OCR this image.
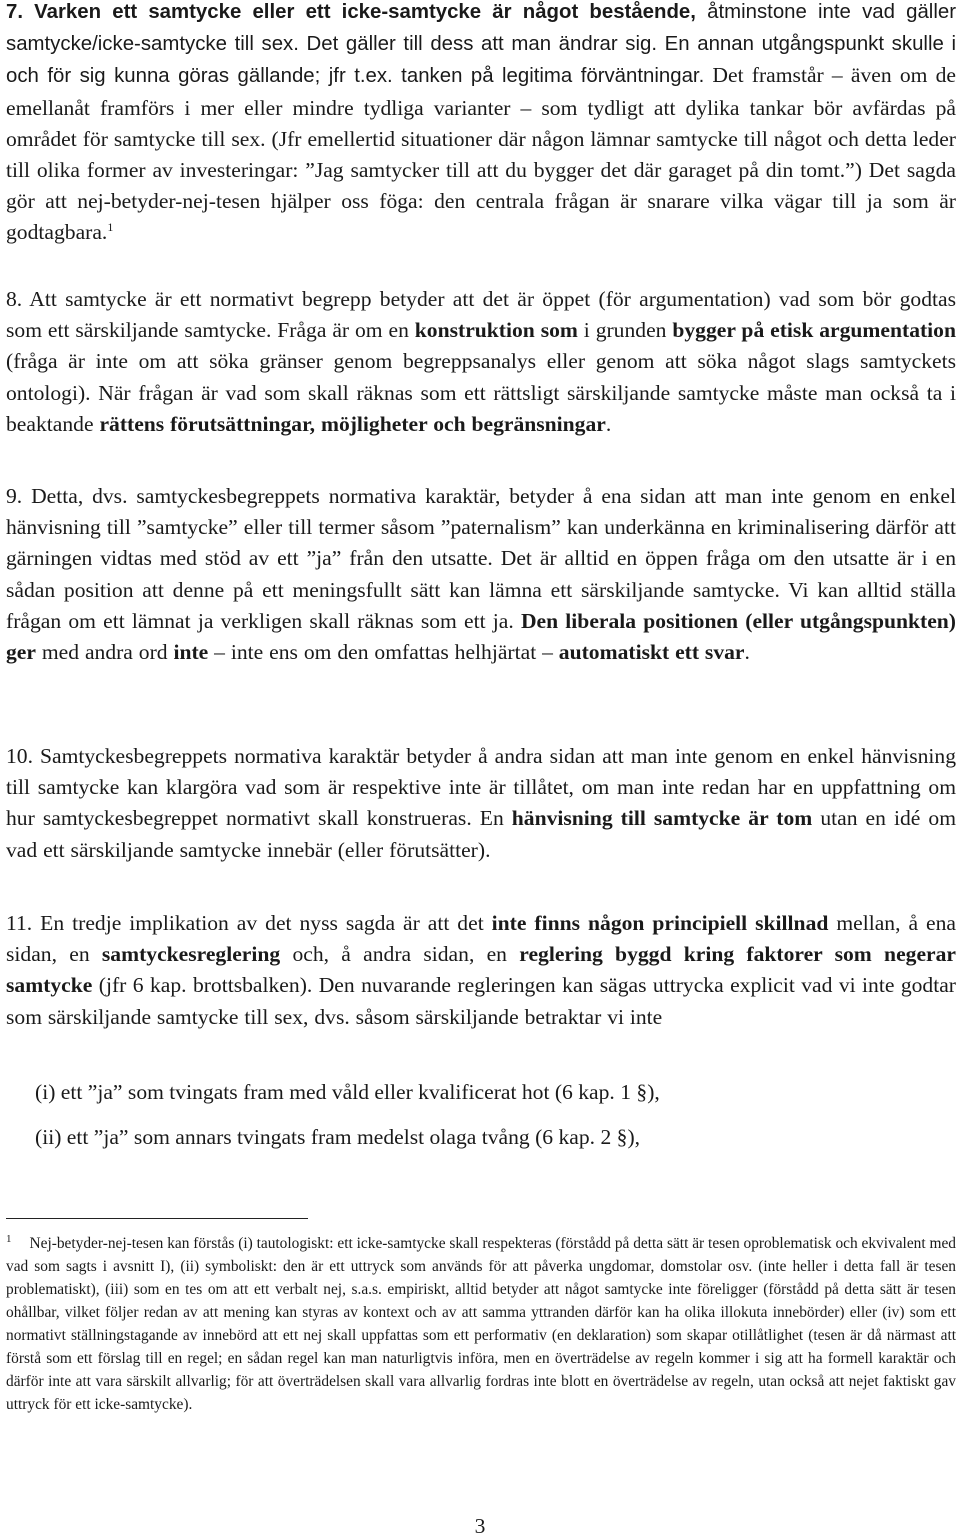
7. Varken ett samtycke eller ett icke-samtycke är något bestående, åtminstone inte vad gäller samtycke/icke-samtycke till sex. Det gäller till dess att man ändrar sig. En annan utgångspunkt skulle i och för sig kunna göras gällande; jfr t.ex. tanken på legitima förväntningar. Det framstår – även om de emellanåt framförs i mer eller mindre tydliga varianter – som tydligt att dylika tankar bör avfärdas på området för samtycke till sex. (Jfr emellertid situationer där någon lämnar samtycke till något och detta leder till olika former av investeringar: ”Jag samtycker till att du bygger det där garaget på din tomt.”) Det sagda gör att nej-betyder-nej-tesen hjälper oss föga: den centrala frågan är snarare vilka vägar till ja som är godtagbara.$^1$

8. Att samtycke är ett normativt begrepp betyder att det är öppet (för argumentation) vad som bör godtas som ett särskiljande samtycke. Fråga är om en konstruktion som i grunden bygger på etisk argumentation (fråga är inte om att söka gränser genom begreppsanalys eller genom att söka något slags samtyckets ontologi). När frågan är vad som skall räknas som ett rättsligt särskiljande samtycke måste man också ta i beaktande rättens förutsättningar, möjligheter och begränsningar.

9. Detta, dvs. samtyckesbegreppets normativa karaktär, betyder å ena sidan att man inte genom en enkel hänvisning till ”samtycke” eller till termer såsom ”paternalism” kan underkänna en kriminalisering därför att gärningen vidtas med stöd av ett ”ja” från den utsatte. Det är alltid en öppen fråga om den utsatte är i en sådan position att denne på ett meningsfullt sätt kan lämna ett särskiljande samtycke. Vi kan alltid ställa frågan om ett lämnat ja verkligen skall räknas som ett ja. Den liberala positionen (eller utgångspunkten) ger med andra ord inte – inte ens om den omfattas helhjärtat – automatiskt ett svar.

10. Samtyckesbegreppets normativa karaktär betyder å andra sidan att man inte genom en enkel hänvisning till samtycke kan klargöra vad som är respektive inte är tillåtet, om man inte redan har en uppfattning om hur samtyckesbegreppet normativt skall konstrueras. En hänvisning till samtycke är tom utan en idé om vad ett särskiljande samtycke innebär (eller förutsätter).

11. En tredje implikation av det nyss sagda är att det inte finns någon principiell skillnad mellan, å ena sidan, en samtyckesreglering och, å andra sidan, en reglering byggd kring faktorer som negerar samtycke (jfr 6 kap. brottsbalken). Den nuvarande regleringen kan sägas uttrycka explicit vad vi inte godtar som särskiljande samtycke till sex, dvs. såsom särskiljande betraktar vi inte

(i) ett ”ja” som tvingats fram med våld eller kvalificerat hot (6 kap. 1 §),

(ii) ett ”ja” som annars tvingats fram medelst olaga tvång (6 kap. 2 §),

$^1$ Nej-betyder-nej-tesen kan förstås (i) tautologiskt: ett icke-samtycke skall respekteras (förstådd på detta sätt är tesen oproblematisk och ekvivalent med vad som sagts i avsnitt I), (ii) symboliskt: den är ett uttryck som används för att påverka ungdomar, domstolar osv. (inte heller i detta fall är tesen problematiskt), (iii) som en tes om att ett verbalt nej, s.a.s. empiriskt, alltid betyder att något samtycke inte föreligger (förstådd på detta sätt är tesen ohållbar, vilket följer redan av att mening kan styras av kontext och av att samma yttranden därför kan ha olika illokuta innebörder) eller (iv) som ett normativt ställningstagande av innebörd att ett nej skall uppfattas som ett performativ (en deklaration) som skapar otillåtlighet (tesen är då närmast att förstå som ett förslag till en regel; en sådan regel kan man naturligtvis införa, men en överträdelse av regeln kommer i sig att ha formell karaktär och därför inte att vara särskilt allvarlig; för att överträdelsen skall vara allvarlig fordras inte blott en överträdelse av regeln, utan också att nejet faktiskt gav uttryck för ett icke-samtycke).

3
